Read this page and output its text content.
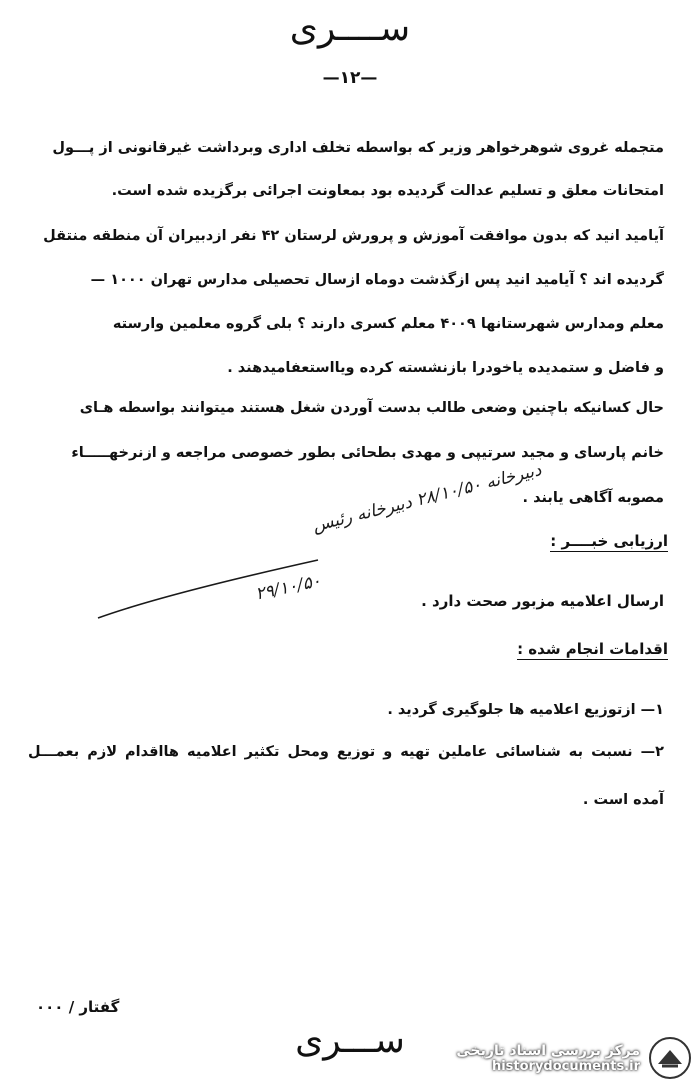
ســــری
—۱۲—
متجمله غروی شوهرخواهر وزیر که بواسطه تخلف اداری وبرداشت غیرقانونی از پـــول
امتحانات معلق و تسلیم عدالت گردیده بود بمعاونت اجرائی برگزیده شده است.
آیامید انید که بدون موافقت آموزش و پرورش لرستان ۴۲ نفر ازدبیران آن منطقه منتقل
گردیده اند ؟ آیامید انید پس ازگذشت دوماه ازسال تحصیلی مدارس تهران ۱۰۰۰ —
معلم ومدارس شهرستانها ۴۰۰۹ معلم کسری دارند ؟ بلی گروه معلمین وارسته
و فاضل و ستمدیده یاخودرا بازنشسته کرده ویااستعفامیدهند .
حال کسانیکه باچنین وضعی طالب بدست آوردن شغل هستند میتوانند بواسطه هـای
خانم پارسای و مجید سرتیپی و مهدی بطحائی بطور خصوصی مراجعه و ازنرخهـــــاء
مصوبه آگاهی یابند .
ارزیابی خبــــر :
ارسال اعلامیه مزبور صحت دارد .
دبیرخانه ۲۸/۱۰/۵۰ دبیرخانه رئیس
۲۹/۱۰/۵۰
اقدامات انجام شده :
۱— ازتوزیع اعلامیه ها جلوگیری گردید .
۲— نسبت به شناسائی عاملین تهیه و توزیع ومحل تکثیر اعلامیه هااقدام لازم بعمـــل
آمده است .
گفتار / ۰۰۰
ســـری	مرکز بررسی اسناد تاریخی
historydocuments.ir
